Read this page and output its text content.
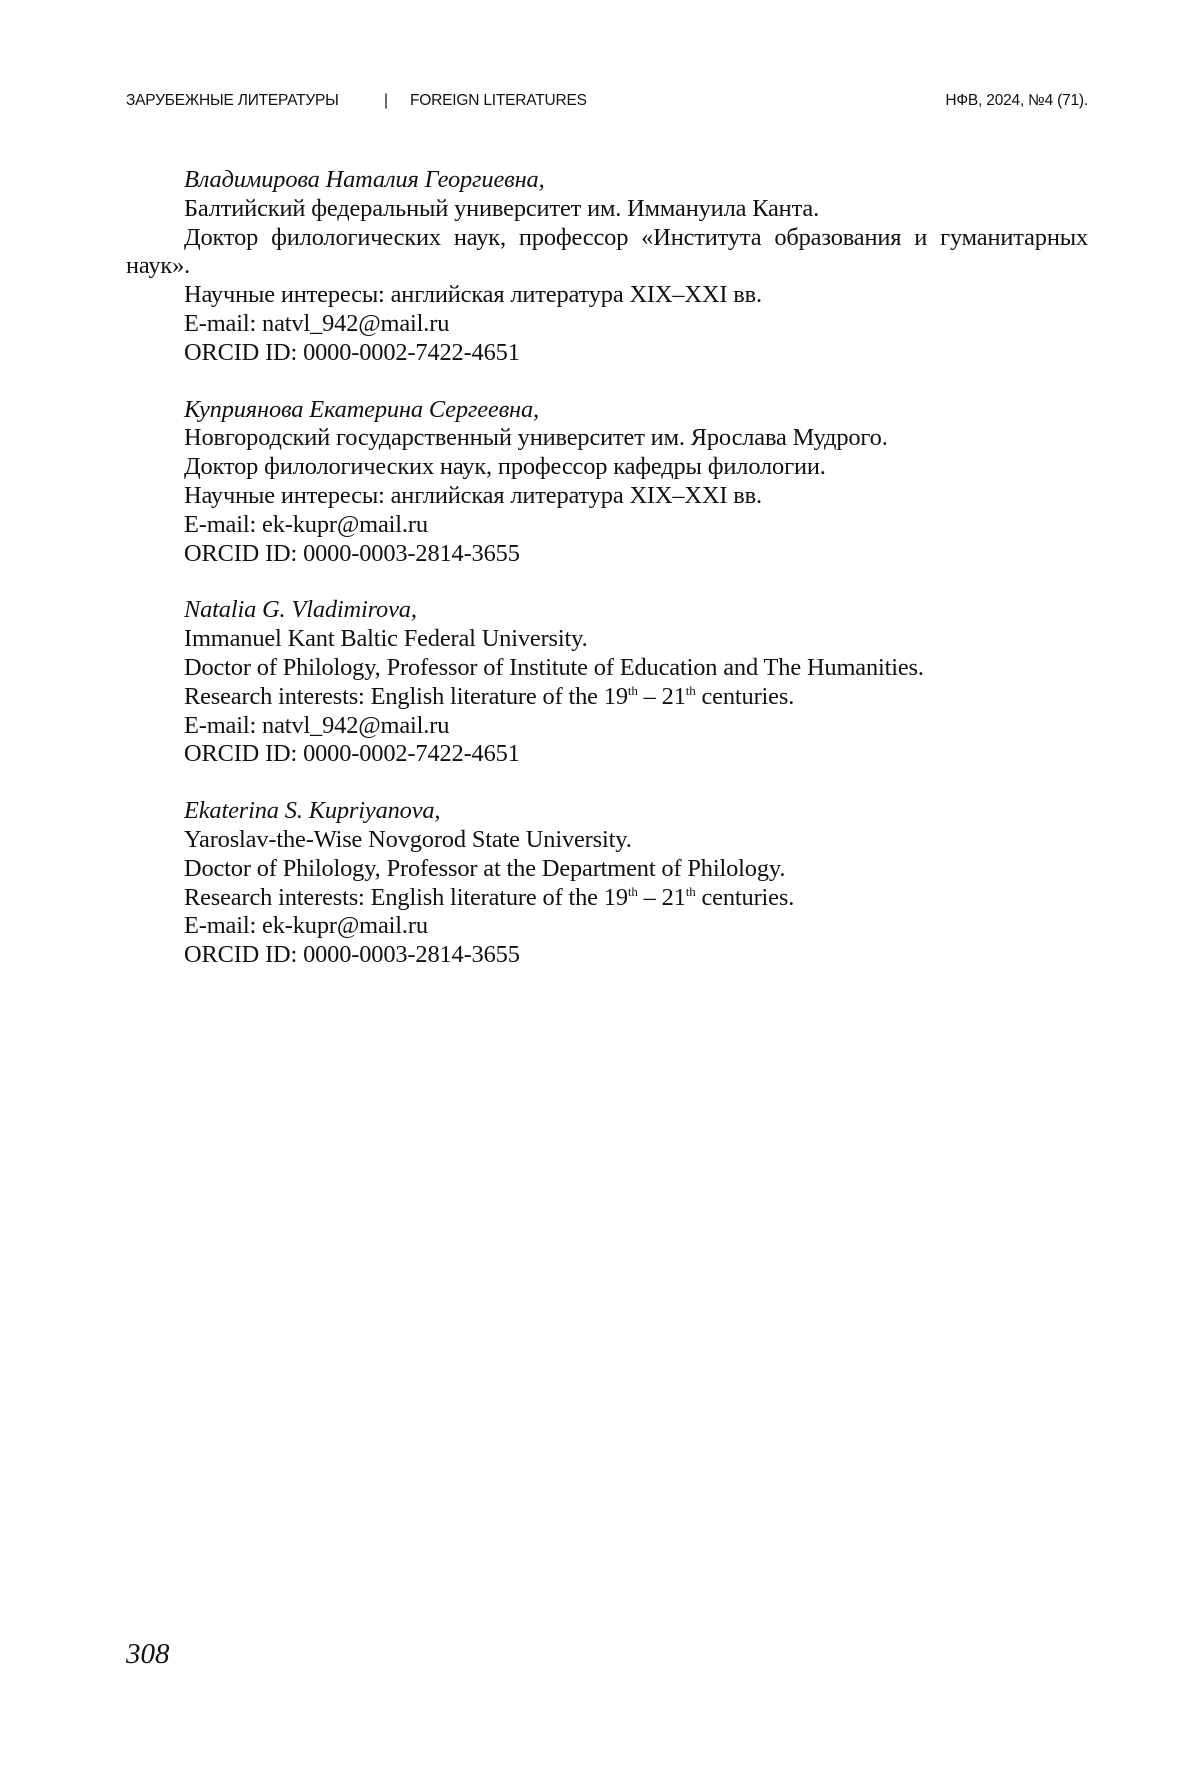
ЗАРУБЕЖНЫЕ ЛИТЕРАТУРЫ	| FOREIGN LITERATURES	НФВ, 2024, №4 (71).
Владимирова Наталия Георгиевна,
Балтийский федеральный университет им. Иммануила Канта.
Доктор филологических наук, профессор «Института образования и гуманитарных наук».
Научные интересы: английская литература XIX–XXI вв.
E-mail: natvl_942@mail.ru
ORCID ID: 0000-0002-7422-4651
Куприянова Екатерина Сергеевна,
Новгородский государственный университет им. Ярослава Мудрого.
Доктор филологических наук, профессор кафедры филологии.
Научные интересы: английская литература XIX–XXI вв.
E-mail: ek-kupr@mail.ru
ORCID ID: 0000-0003-2814-3655
Natalia G. Vladimirova,
Immanuel Kant Baltic Federal University.
Doctor of Philology, Professor of Institute of Education and The Humanities.
Research interests: English literature of the 19th – 21th centuries.
E-mail: natvl_942@mail.ru
ORCID ID: 0000-0002-7422-4651
Ekaterina S. Kupriyanova,
Yaroslav-the-Wise Novgorod State University.
Doctor of Philology, Professor at the Department of Philology.
Research interests: English literature of the 19th – 21th centuries.
E-mail: ek-kupr@mail.ru
ORCID ID: 0000-0003-2814-3655
308
